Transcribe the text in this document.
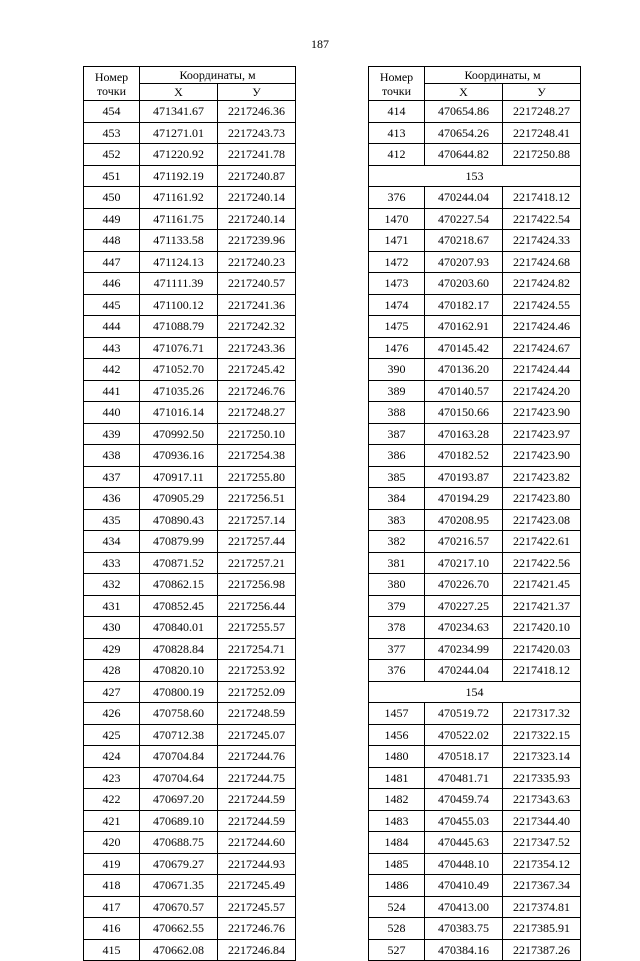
187
Номер
точки	Координаты, м	
	X	У
454	471341.67	2217246.36
453	471271.01	2217243.73
452	471220.92	2217241.78
451	471192.19	2217240.87
450	471161.92	2217240.14
449	471161.75	2217240.14
448	471133.58	2217239.96
447	471124.13	2217240.23
446	471111.39	2217240.57
445	471100.12	2217241.36
444	471088.79	2217242.32
443	471076.71	2217243.36
442	471052.70	2217245.42
441	471035.26	2217246.76
440	471016.14	2217248.27
439	470992.50	2217250.10
438	470936.16	2217254.38
437	470917.11	2217255.80
436	470905.29	2217256.51
435	470890.43	2217257.14
434	470879.99	2217257.44
433	470871.52	2217257.21
432	470862.15	2217256.98
431	470852.45	2217256.44
430	470840.01	2217255.57
429	470828.84	2217254.71
428	470820.10	2217253.92
427	470800.19	2217252.09
426	470758.60	2217248.59
425	470712.38	2217245.07
424	470704.84	2217244.76
423	470704.64	2217244.75
422	470697.20	2217244.59
421	470689.10	2217244.59
420	470688.75	2217244.60
419	470679.27	2217244.93
418	470671.35	2217245.49
417	470670.57	2217245.57
416	470662.55	2217246.76
415	470662.08	2217246.84
Номер
точки	Координаты, м	
	X	У
414	470654.86	2217248.27
413	470654.26	2217248.41
412	470644.82	2217250.88
153		
376	470244.04	2217418.12
1470	470227.54	2217422.54
1471	470218.67	2217424.33
1472	470207.93	2217424.68
1473	470203.60	2217424.82
1474	470182.17	2217424.55
1475	470162.91	2217424.46
1476	470145.42	2217424.67
390	470136.20	2217424.44
389	470140.57	2217424.20
388	470150.66	2217423.90
387	470163.28	2217423.97
386	470182.52	2217423.90
385	470193.87	2217423.82
384	470194.29	2217423.80
383	470208.95	2217423.08
382	470216.57	2217422.61
381	470217.10	2217422.56
380	470226.70	2217421.45
379	470227.25	2217421.37
378	470234.63	2217420.10
377	470234.99	2217420.03
376	470244.04	2217418.12
154		
1457	470519.72	2217317.32
1456	470522.02	2217322.15
1480	470518.17	2217323.14
1481	470481.71	2217335.93
1482	470459.74	2217343.63
1483	470455.03	2217344.40
1484	470445.63	2217347.52
1485	470448.10	2217354.12
1486	470410.49	2217367.34
524	470413.00	2217374.81
528	470383.75	2217385.91
527	470384.16	2217387.26
